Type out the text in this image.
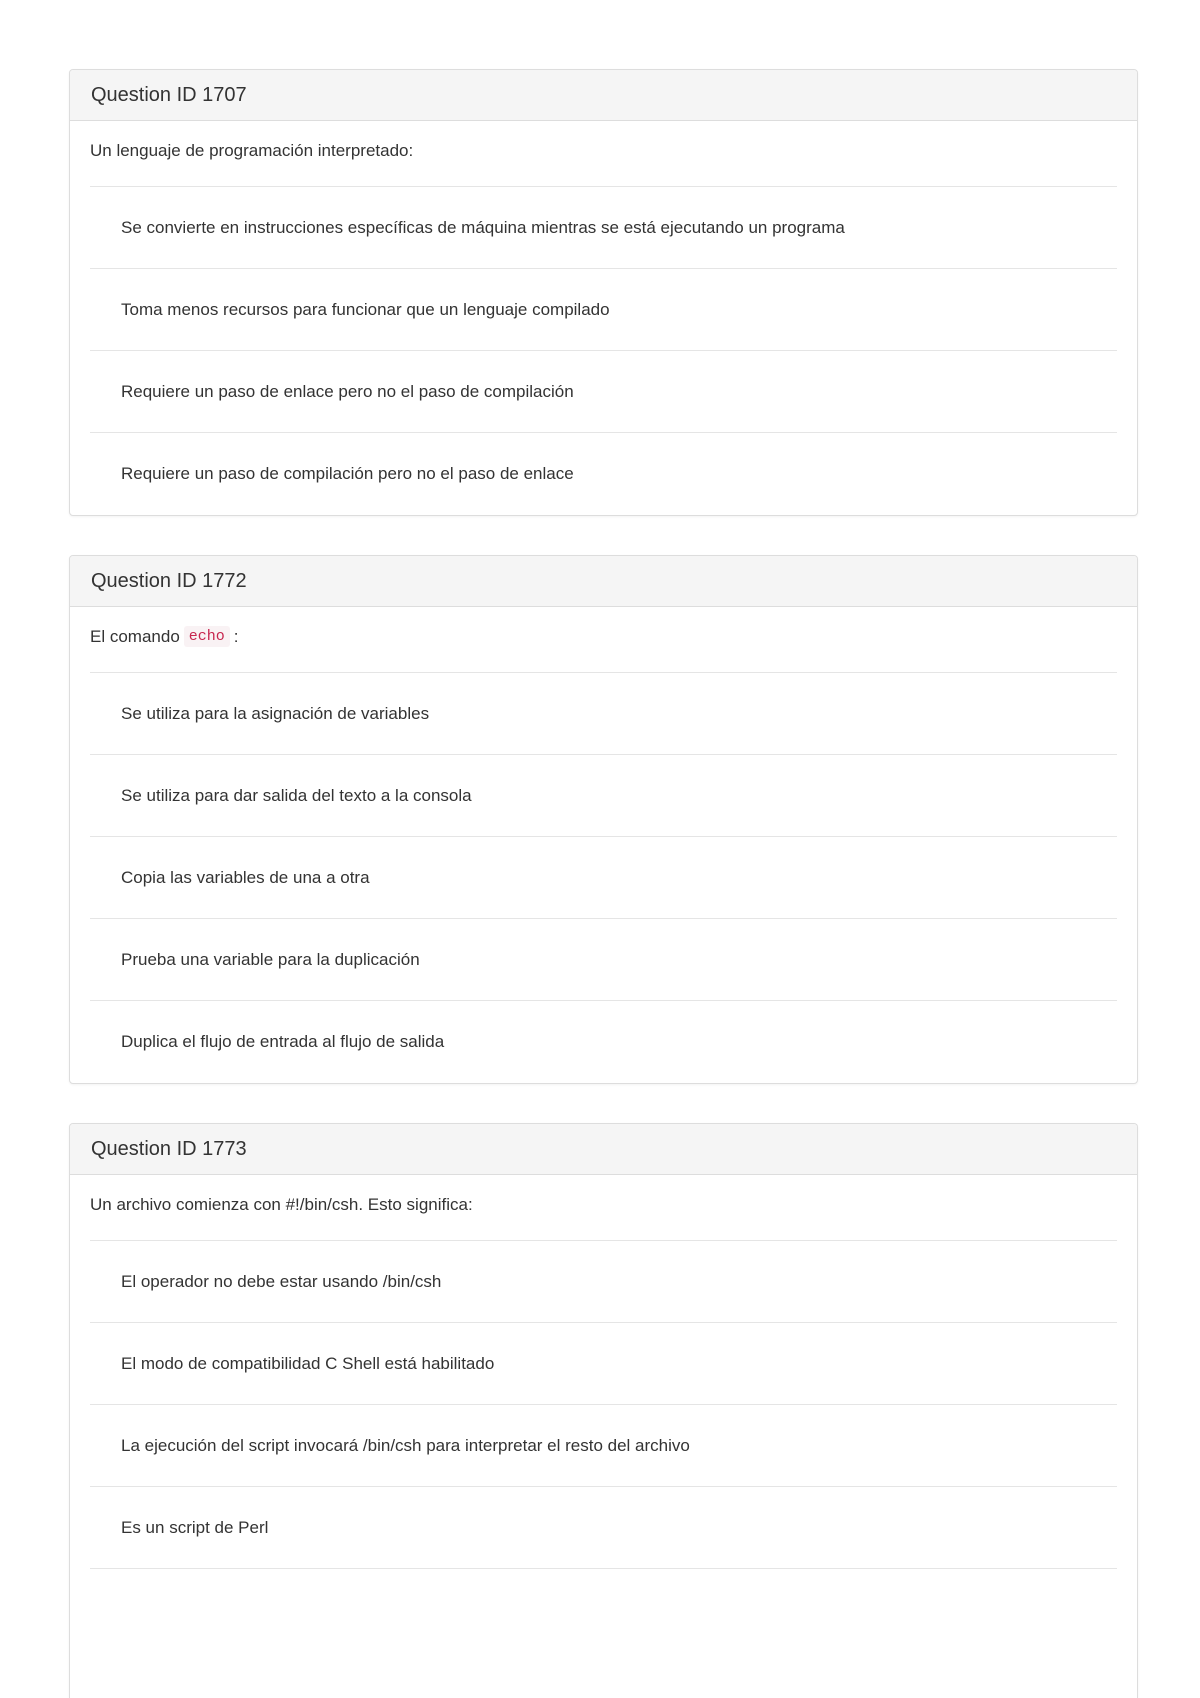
Question ID 1707
Un lenguaje de programación interpretado:
Se convierte en instrucciones específicas de máquina mientras se está ejecutando un programa
Toma menos recursos para funcionar que un lenguaje compilado
Requiere un paso de enlace pero no el paso de compilación
Requiere un paso de compilación pero no el paso de enlace
Question ID 1772
El comando echo :
Se utiliza para la asignación de variables
Se utiliza para dar salida del texto a la consola
Copia las variables de una a otra
Prueba una variable para la duplicación
Duplica el flujo de entrada al flujo de salida
Question ID 1773
Un archivo comienza con #!/bin/csh. Esto significa:
El operador no debe estar usando /bin/csh
El modo de compatibilidad C Shell está habilitado
La ejecución del script invocará /bin/csh para interpretar el resto del archivo
Es un script de Perl
